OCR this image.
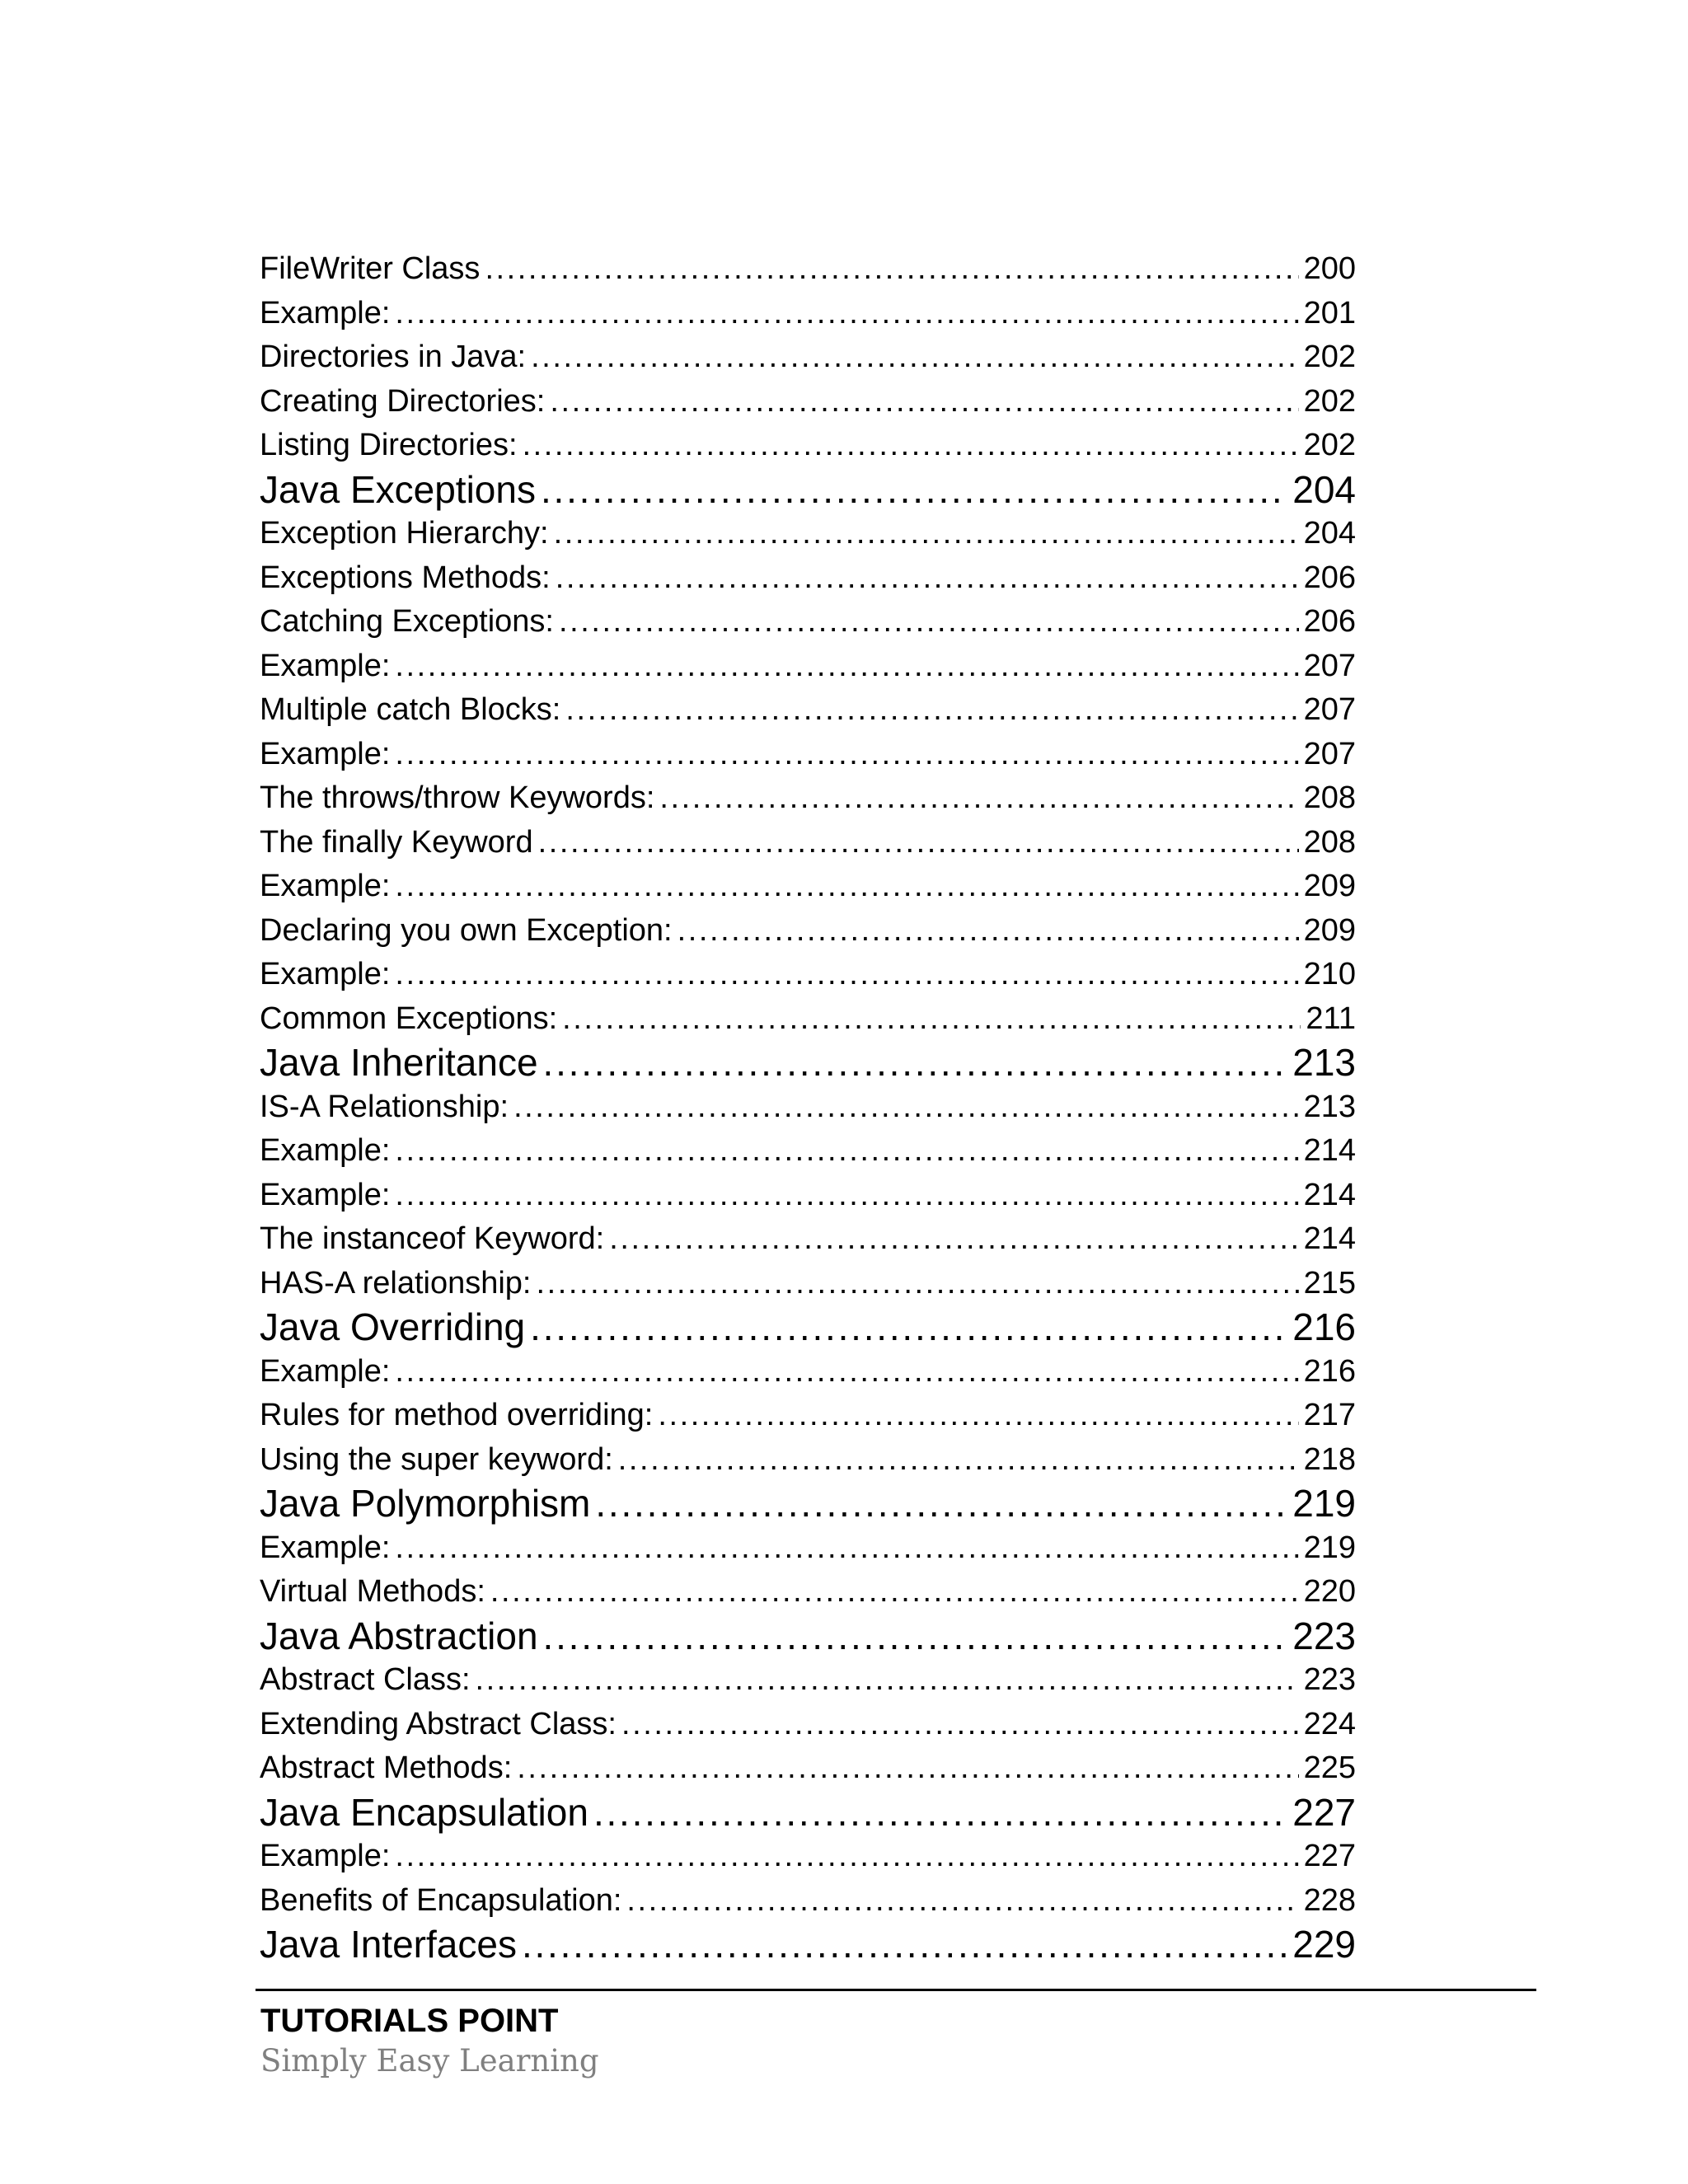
FileWriter Class . . .	200
Example: . . .	201
Directories in Java: . . .	202
Creating Directories: . . .	202
Listing Directories: . . .	202
Java Exceptions . . .	204
Exception Hierarchy: . . .	204
Exceptions Methods: . . .	206
Catching Exceptions: . . .	206
Example: . . .	207
Multiple catch Blocks: . . .	207
Example: . . .	207
The throws/throw Keywords: . . .	208
The finally Keyword . . .	208
Example: . . .	209
Declaring you own Exception: . . .	209
Example: . . .	210
Common Exceptions: . . .	211
Java Inheritance . . .	213
IS-A Relationship: . . .	213
Example: . . .	214
Example: . . .	214
The instanceof Keyword: . . .	214
HAS-A relationship: . . .	215
Java Overriding . . .	216
Example: . . .	216
Rules for method overriding: . . .	217
Using the super keyword: . . .	218
Java Polymorphism . . .	219
Example: . . .	219
Virtual Methods: . . .	220
Java Abstraction . . .	223
Abstract Class: . . .	223
Extending Abstract Class: . . .	224
Abstract Methods: . . .	225
Java Encapsulation . . .	227
Example: . . .	227
Benefits of Encapsulation: . . .	228
Java Interfaces . . .	229
TUTORIALS POINT
Simply Easy Learning
